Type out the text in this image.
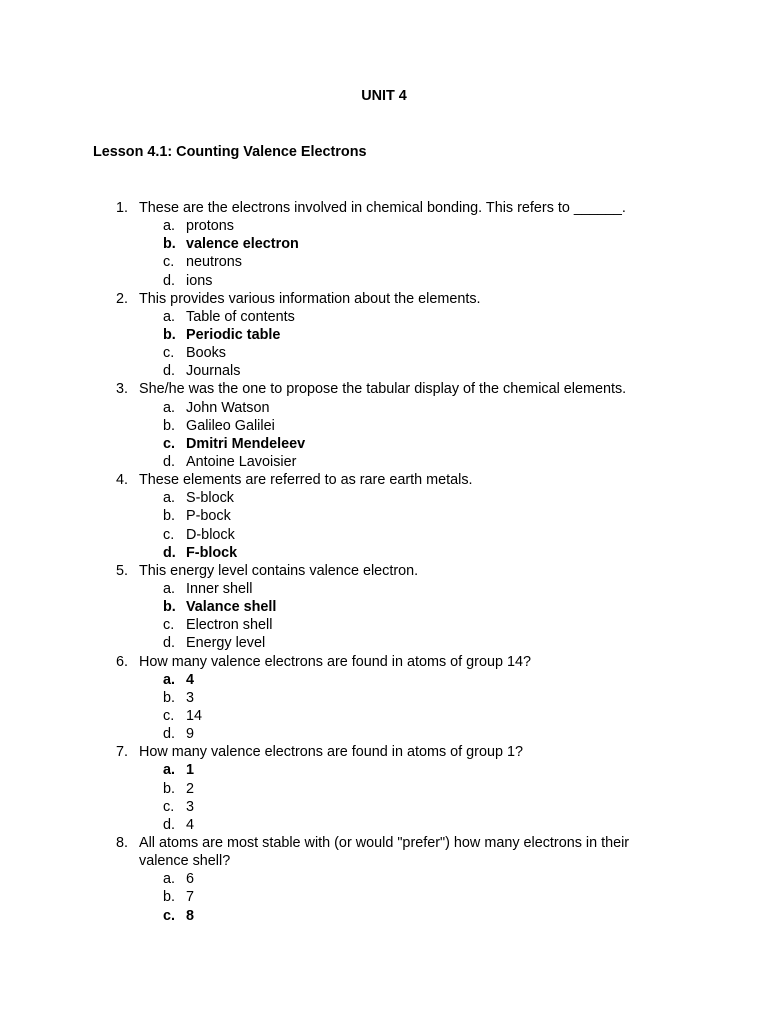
UNIT 4
Lesson 4.1: Counting Valence Electrons
1. These are the electrons involved in chemical bonding. This refers to ______.
a. protons
b. valence electron
c. neutrons
d. ions
2. This provides various information about the elements.
a. Table of contents
b. Periodic table
c. Books
d. Journals
3. She/he was the one to propose the tabular display of the chemical elements.
a. John Watson
b. Galileo Galilei
c. Dmitri Mendeleev
d. Antoine Lavoisier
4. These elements are referred to as rare earth metals.
a. S-block
b. P-bock
c. D-block
d. F-block
5. This energy level contains valence electron.
a. Inner shell
b. Valance shell
c. Electron shell
d. Energy level
6. How many valence electrons are found in atoms of group 14?
a. 4
b. 3
c. 14
d. 9
7. How many valence electrons are found in atoms of group 1?
a. 1
b. 2
c. 3
d. 4
8. All atoms are most stable with (or would "prefer") how many electrons in their valence shell?
a. 6
b. 7
c. 8
